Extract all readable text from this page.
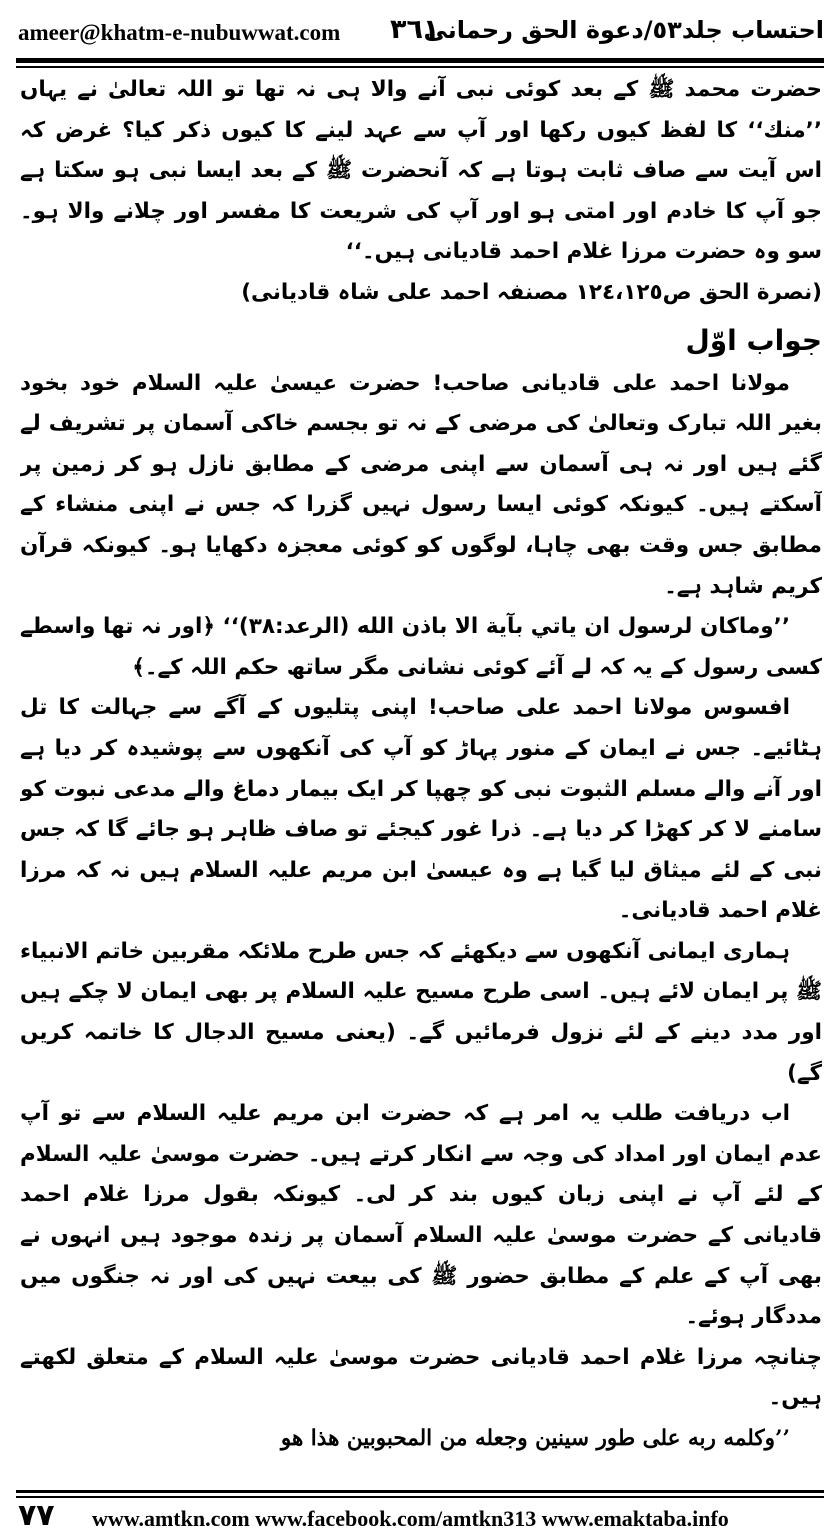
ameer@khatm-e-nubuwwat.com ٣٦١
احتساب جلد٥٣/دعوة الحق رحمانی

حضرت محمد ﷺ کے بعد کوئی نبی آنے والا ہی نہ تھا تو اللہ تعالیٰ نے یہاں ’’منك‘‘ کا لفظ کیوں رکھا اور آپ سے عہد لینے کا کیوں ذکر کیا؟ غرض کہ اس آیت سے صاف ثابت ہوتا ہے کہ آنحضرت ﷺ کے بعد ایسا نبی ہو سکتا ہے جو آپ کا خادم اور امتی ہو اور آپ کی شریعت کا مفسر اور چلانے والا ہو۔ سو وہ حضرت مرزا غلام احمد قادیانی ہیں۔‘‘

(نصرة الحق ص١٢٤،١٢٥ مصنفہ احمد علی شاہ قادیانی)

جواب اوّل

مولانا احمد علی قادیانی صاحب! حضرت عیسیٰ علیہ السلام خود بخود بغیر اللہ تبارک وتعالیٰ کی مرضی کے نہ تو بجسم خاکی آسمان پر تشریف لے گئے ہیں اور نہ ہی آسمان سے اپنی مرضی کے مطابق نازل ہو کر زمین پر آسکتے ہیں۔ کیونکہ کوئی ایسا رسول نہیں گزرا کہ جس نے اپنی منشاء کے مطابق جس وقت بھی چاہا، لوگوں کو کوئی معجزہ دکھایا ہو۔ کیونکہ قرآن کریم شاہد ہے۔

’’وماكان لرسول ان ياتي بآية الا باذن الله (الرعد:٣٨)‘‘ ﴿اور نہ تھا واسطے کسی رسول کے یہ کہ لے آئے کوئی نشانی مگر ساتھ حکم اللہ کے۔﴾

افسوس مولانا احمد علی صاحب! اپنی پتلیوں کے آگے سے جہالت کا تل ہٹائیے۔ جس نے ایمان کے منور پہاڑ کو آپ کی آنکھوں سے پوشیدہ کر دیا ہے اور آنے والے مسلم الثبوت نبی کو چھپا کر ایک بیمار دماغ والے مدعی نبوت کو سامنے لا کر کھڑا کر دیا ہے۔ ذرا غور کیجئے تو صاف ظاہر ہو جائے گا کہ جس نبی کے لئے میثاق لیا گیا ہے وہ عیسیٰ ابن مریم علیہ السلام ہیں نہ کہ مرزا غلام احمد قادیانی۔

ہماری ایمانی آنکھوں سے دیکھئے کہ جس طرح ملائکہ مقربین خاتم الانبیاء ﷺ پر ایمان لائے ہیں۔ اسی طرح مسیح علیہ السلام پر بھی ایمان لا چکے ہیں اور مدد دینے کے لئے نزول فرمائیں گے۔ (یعنی مسیح الدجال کا خاتمہ کریں گے)

اب دریافت طلب یہ امر ہے کہ حضرت ابن مریم علیہ السلام سے تو آپ عدم ایمان اور امداد کی وجہ سے انکار کرتے ہیں۔ حضرت موسیٰ علیہ السلام کے لئے آپ نے اپنی زبان کیوں بند کر لی۔ کیونکہ بقول مرزا غلام احمد قادیانی کے حضرت موسیٰ علیہ السلام آسمان پر زندہ موجود ہیں انہوں نے بھی آپ کے علم کے مطابق حضور ﷺ کی بیعت نہیں کی اور نہ جنگوں میں مددگار ہوئے۔

چنانچہ مرزا غلام احمد قادیانی حضرت موسیٰ علیہ السلام کے متعلق لکھتے ہیں۔

’’وكلمه ربه على طور سينين وجعله من المحبوبين هذا هو

٧٧ www.amtkn.com www.facebook.com/amtkn313 www.emaktaba.info
